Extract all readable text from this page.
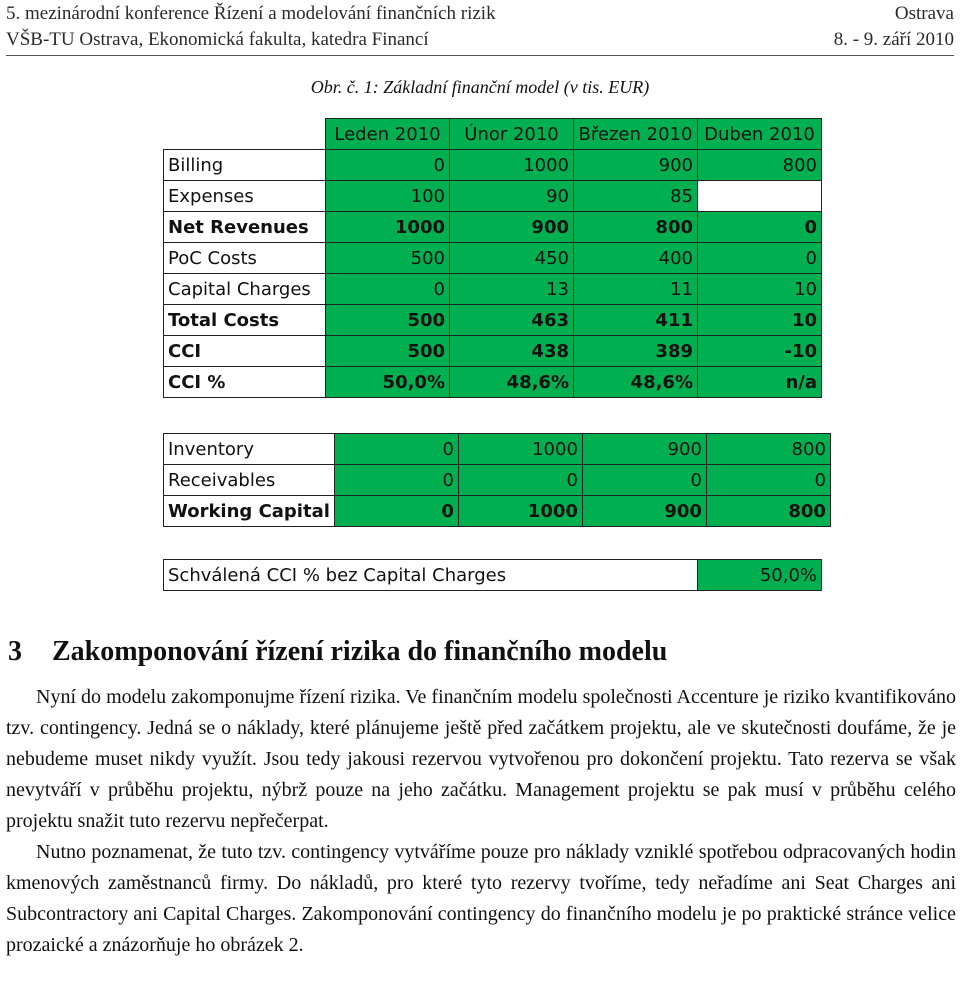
5. mezinárodní konference Řízení a modelování finančních rizik	Ostrava
VŠB-TU Ostrava, Ekonomická fakulta, katedra Financí	8. - 9. září 2010
Obr. č. 1: Základní finanční model (v tis. EUR)
	Leden 2010	Únor 2010	Březen 2010	Duben 2010
Billing	0	1000	900	800
Expenses	100	90	85	
Net Revenues	1000	900	800	0
PoC Costs	500	450	400	0
Capital Charges	0	13	11	10
Total Costs	500	463	411	10
CCI	500	438	389	-10
CCI %	50,0%	48,6%	48,6%	n/a
Inventory	0	1000	900	800
Receivables	0	0	0	0
Working Capital	0	1000	900	800
Schválená CCI % bez Capital Charges	50,0%
3 Zakomponování řízení rizika do finančního modelu

Nyní do modelu zakomponujme řízení rizika. Ve finančním modelu společnosti Accenture je riziko kvantifikováno tzv. contingency. Jedná se o náklady, které plánujeme ještě před začátkem projektu, ale ve skutečnosti doufáme, že je nebudeme muset nikdy využít. Jsou tedy jakousi rezervou vytvořenou pro dokončení projektu. Tato rezerva se však nevytváří v průběhu projektu, nýbrž pouze na jeho začátku. Management projektu se pak musí v průběhu celého projektu snažit tuto rezervu nepřečerpat.

Nutno poznamenat, že tuto tzv. contingency vytváříme pouze pro náklady vzniklé spotřebou odpracovaných hodin kmenových zaměstnanců firmy. Do nákladů, pro které tyto rezervy tvoříme, tedy neřadíme ani Seat Charges ani Subcontractory ani Capital Charges. Zakomponování contingency do finančního modelu je po praktické stránce velice prozaické a znázorňuje ho obrázek 2.
